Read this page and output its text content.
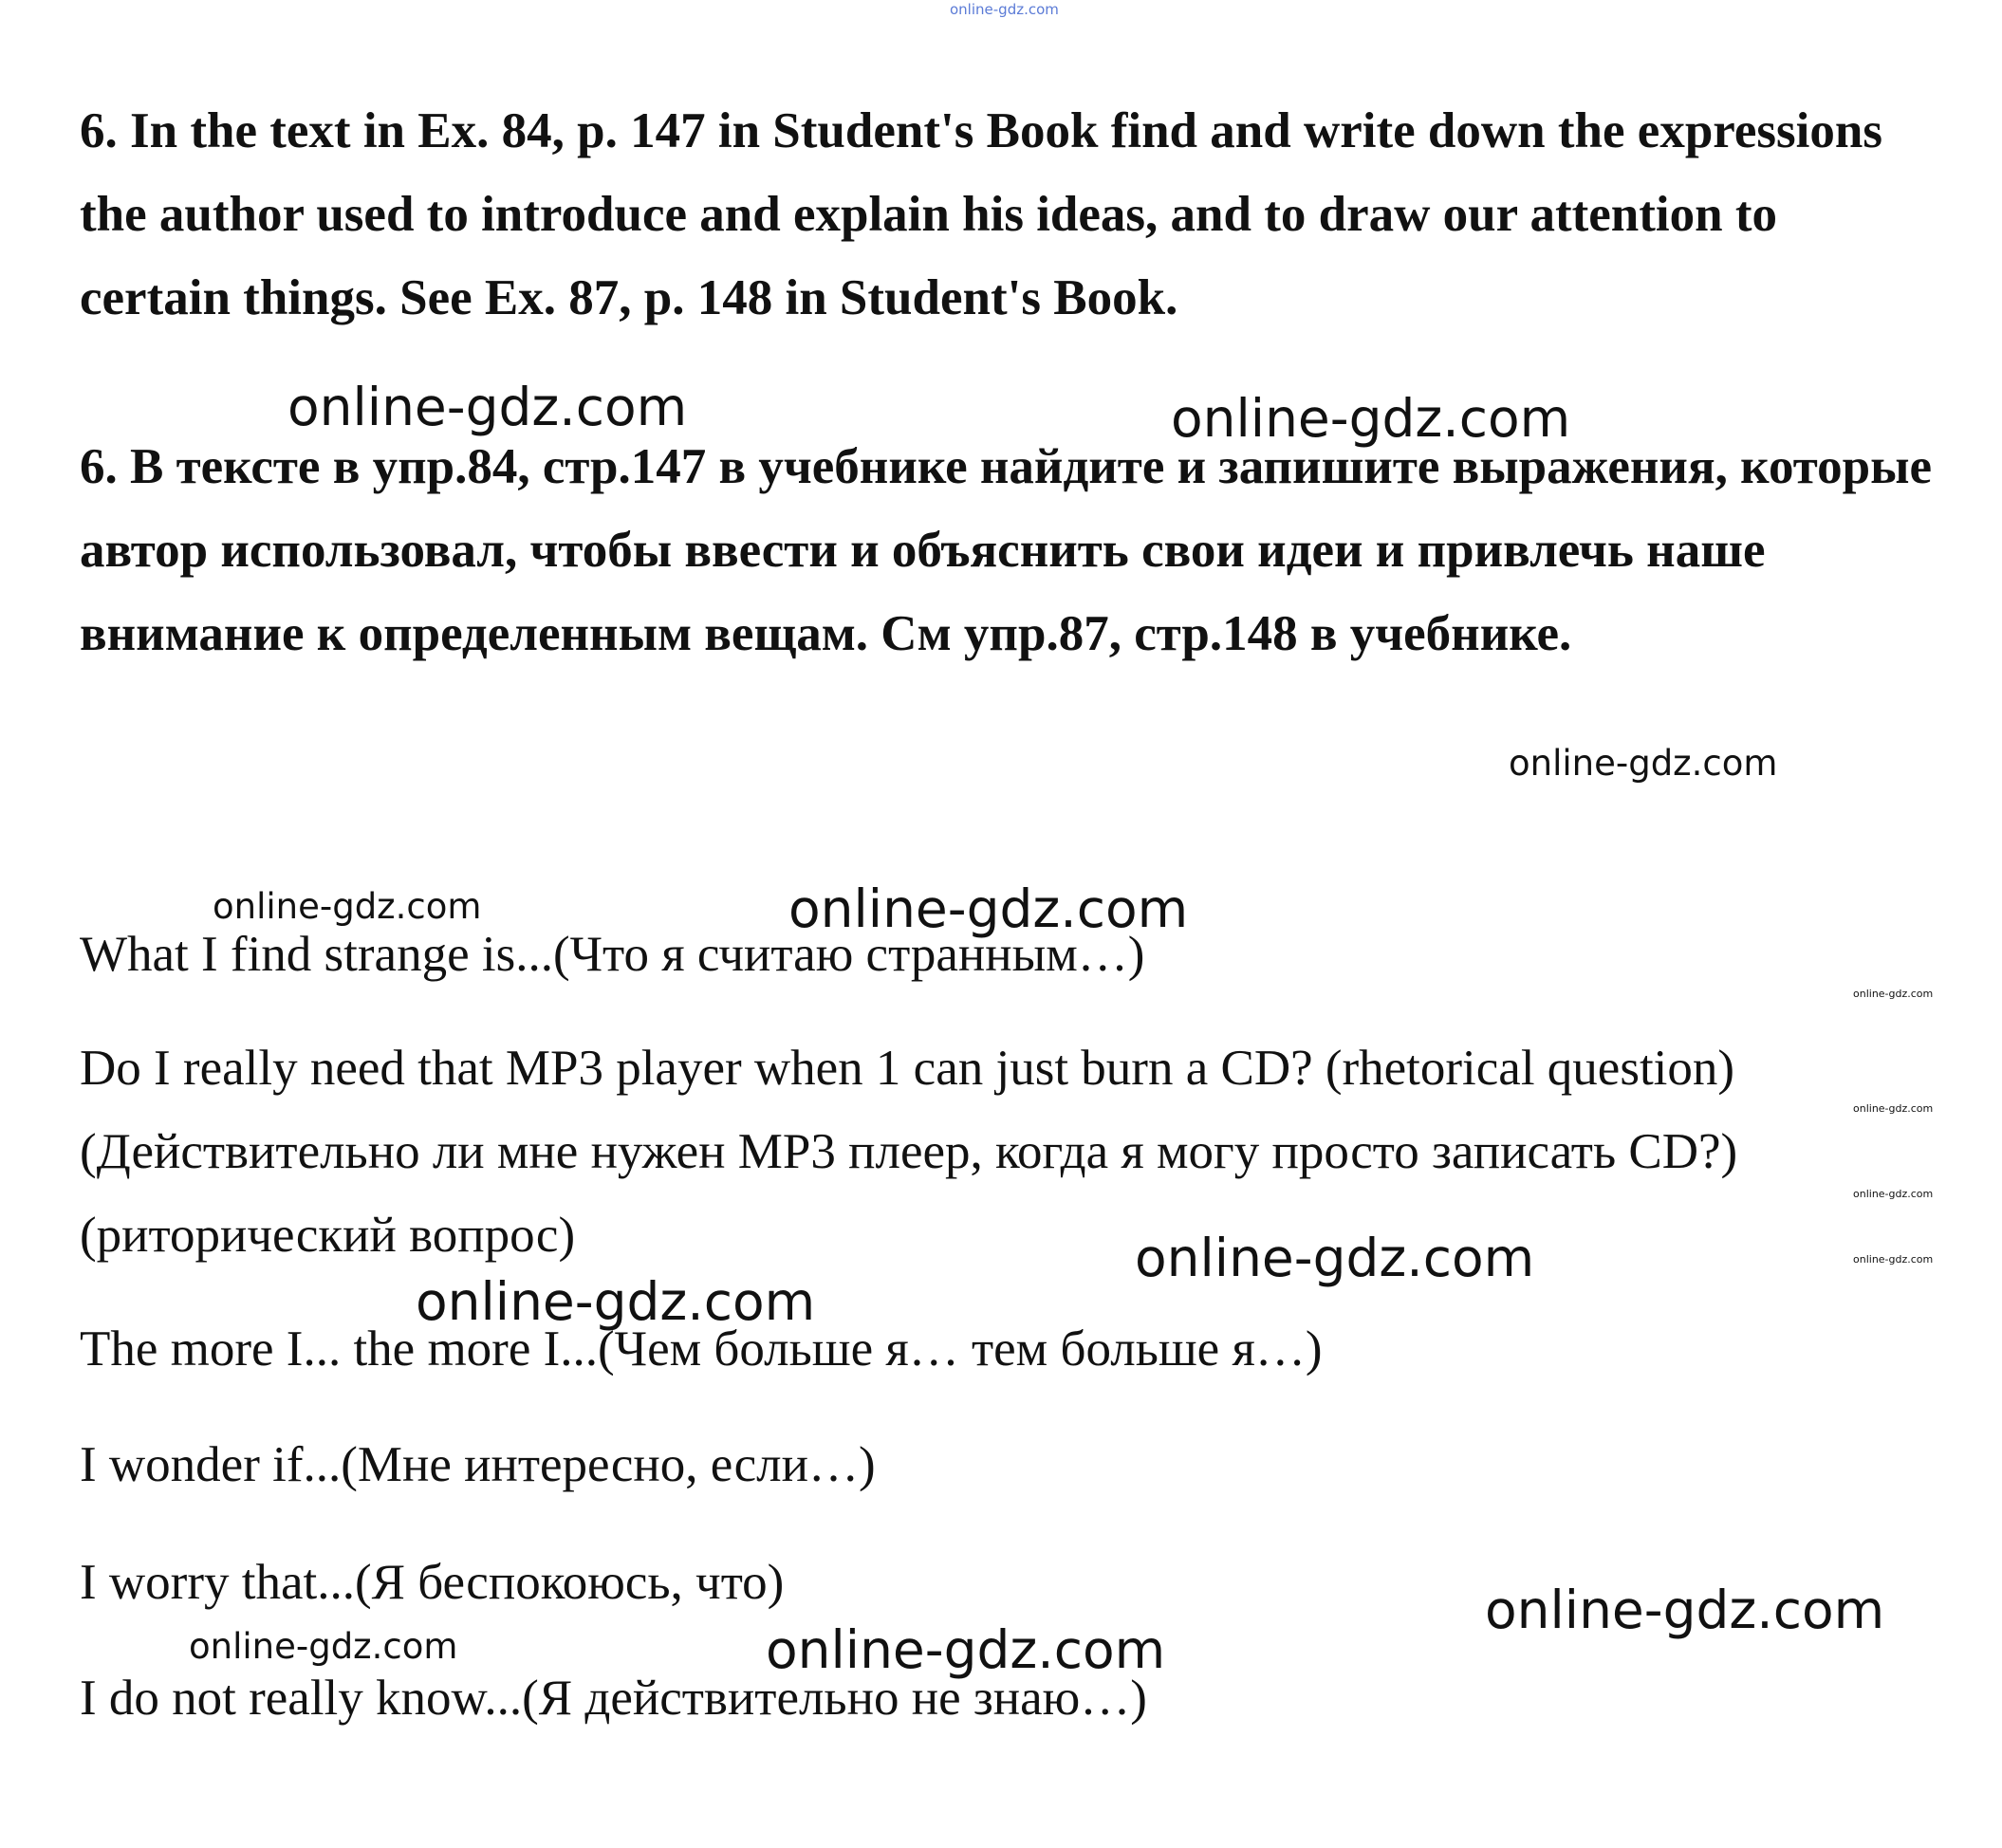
6. In the text in Ex. 84, p. 147 in Student's Book find and write down the expressions the author used to introduce and explain his ideas, and to draw our attention to certain things. See Ex. 87, p. 148 in Student's Book.

6. В тексте в упр.84, стр.147 в учебнике найдите и запишите выражения, которые автор использовал, чтобы ввести и объяснить свои идеи и привлечь наше внимание к определенным вещам. См упр.87, стр.148 в учебнике.

What I find strange is...(Что я считаю странным…)

Do I really need that MP3 player when 1 can just burn a CD? (rhetorical question) (Действительно ли мне нужен MP3 плеер, когда я могу просто записать CD?) (риторический вопрос)

The more I... the more I...(Чем больше я… тем больше я…)

I wonder if...(Мне интересно, если…)

I worry that...(Я беспокоюсь, что)

I do not really know...(Я действительно не знаю…)

online-gdz.com
online-gdz.com	online-gdz.com
online-gdz.com
online-gdz.com	online-gdz.com
online-gdz.com
online-gdz.com
online-gdz.com
online-gdz.com
online-gdz.com
online-gdz.com
online-gdz.com
online-gdz.com	online-gdz.com
